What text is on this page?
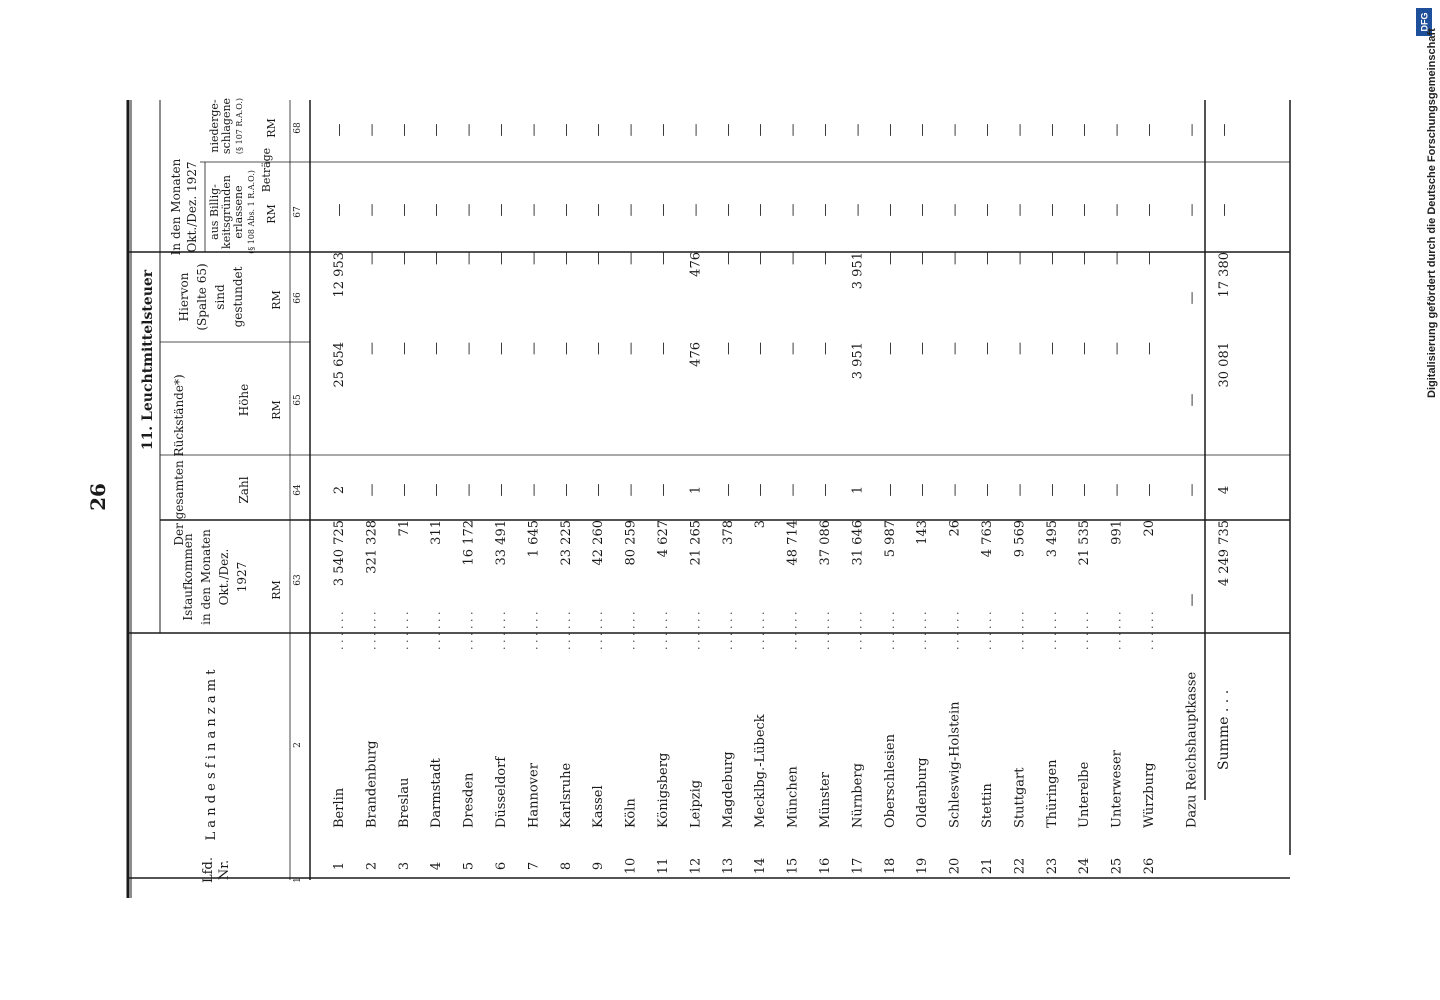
26
DFG
Digitalisierung gefördert durch die Deutsche Forschungsgemeinschaft
11. Leuchtmittelsteuer
Lfd. Nr.
L a n d e s f i n a n z a m t
Istaufkommen in den Monaten Okt./Dez. 1927
Der gesamten Rückstände*)	Zahl
Höhe
Hiervon (Spalte 65) sind gestundet
In den Monaten Okt./Dez. 1927 aus Billig- keitsgründen erlassene (§ 108 Abs. 1 R.A.O.)
niederge- schlagene (§ 107 R.A.O.)
Beträge
RM
RM
RM
RM
RM
1
2
63
64
65
66
67
68
1
Berlin
3 540 725
2
25 654
12 953
—
—
. . . . . .
2
Brandenburg
321 328
—
—
—
—
—
. . . . . .
3
Breslau
71
—
—
—
—
—
. . . . . .
4
Darmstadt
311
—
—
—
—
—
. . . . . .
5
Dresden
16 172
—
—
—
—
—
. . . . . .
6
Düsseldorf
33 491
—
—
—
—
—
. . . . . .
7
Hannover
1 645
—
—
—
—
—
. . . . . .
8
Karlsruhe
23 225
—
—
—
—
—
. . . . . .
9
Kassel
42 260
—
—
—
—
—
. . . . . .
10
Köln
80 259
—
—
—
—
—
. . . . . .
11
Königsberg
4 627
—
—
—
—
—
. . . . . .
12
Leipzig
21 265
1
476
476
—
—
. . . . . .
13
Magdeburg
378
—
—
—
—
—
. . . . . .
14
Mecklbg.-Lübeck
3
—
—
—
—
—
. . . . . .
15
München
48 714
—
—
—
—
—
. . . . . .
16
Münster
37 086
—
—
—
—
—
. . . . . .
17
Nürnberg
31 646
1
3 951
3 951
—
—
. . . . . .
18
Oberschlesien
5 987
—
—
—
—
—
. . . . . .
19
Oldenburg
143
—
—
—
—
—
. . . . . .
20
Schleswig-Holstein
26
—
—
—
—
—
. . . . . .
21
Stettin
4 763
—
—
—
—
—
. . . . . .
22
Stuttgart
9 569
—
—
—
—
—
. . . . . .
23
Thüringen
3 495
—
—
—
—
—
. . . . . .
24
Unterelbe
21 535
—
—
—
—
—
. . . . . .
25
Unterweser
991
—
—
—
—
—
. . . . . .
26
Würzburg
20
—
—
—
—
—
. . . . . .
Dazu Reichshauptkasse
—
—
—
—
—
—
Summe . . .
4 249 735
4
30 081
17 380
—
—
